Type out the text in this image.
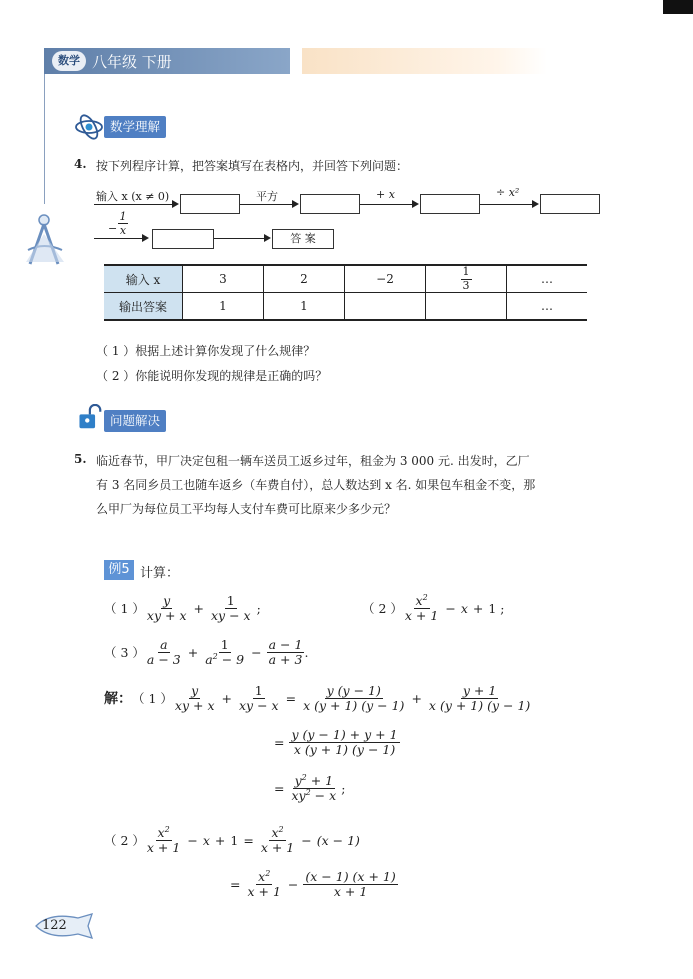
数学 八年级 下册
数学理解
4. 按下列程序计算，把答案填写在表格内，并回答下列问题：
输入 x (x ≠ 0)	平方	+ x	÷ x²
−
1
x
答 案
输入 x	3	2	−2	$\frac{1}{3}$	…
输出答案	1	1			…
（ 1 ）根据上述计算你发现了什么规律？
（ 2 ）你能说明你发现的规律是正确的吗？
问题解决
5. 临近春节，甲厂决定包租一辆车送员工返乡过年，租金为 3 000 元. 出发时，乙厂
有 3 名同乡员工也随车返乡（车费自付），总人数达到 x 名. 如果包车租金不变，那
么甲厂为每位员工平均每人支付车费可比原来少多少元？
例5 计算：
（ 1 ） $\frac{y}{xy + x} + \frac{1}{xy - x}$ ;	（ 2 ） $\frac{x^2}{x + 1} - x + 1$ ;
（ 3 ） $\frac{a}{a - 3} + \frac{1}{a^2 - 9} - \frac{a - 1}{a + 3}$ .
解： （ 1 ） $\frac{y}{xy + x} + \frac{1}{xy - x} = \frac{y (y - 1)}{x (y + 1) (y - 1)} + \frac{y + 1}{x (y + 1) (y - 1)}$
= $\frac{y (y - 1) + y + 1}{x (y + 1) (y - 1)}$
= $\frac{y^2 + 1}{xy^2 - x}$ ;
（ 2 ） $\frac{x^2}{x + 1} - x + 1 = \frac{x^2}{x + 1} - (x - 1)$
= $\frac{x^2}{x + 1} - \frac{(x - 1) (x + 1)}{x + 1}$
122
